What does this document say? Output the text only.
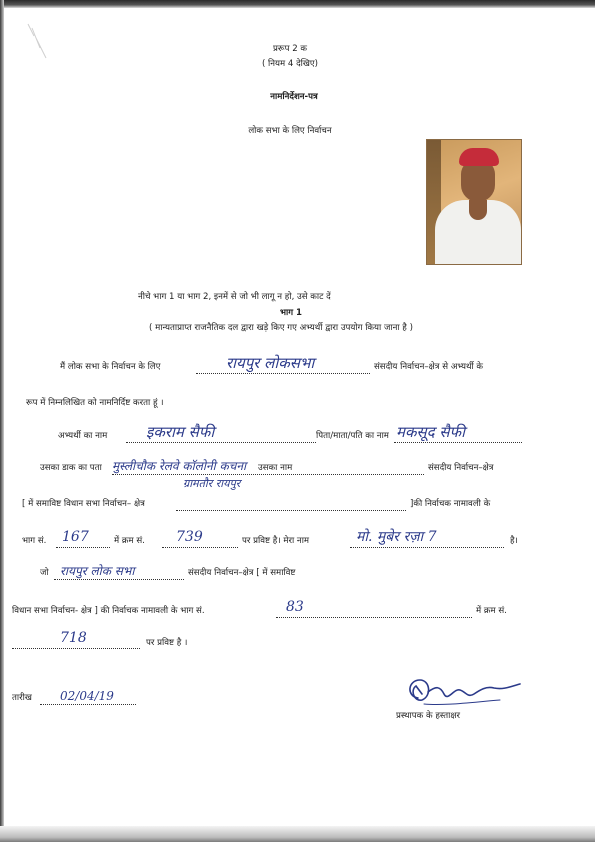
प्ररूप 2 क
( नियम 4 देखिए)
नामनिर्देशन-पत्र
लोक सभा के लिए निर्वाचन
नीचे भाग 1 या भाग 2, इनमें से जो भी लागू न हो, उसे काट दें
भाग 1
( मान्यताप्राप्त राजनैतिक दल द्वारा खड़े किए गए अभ्यर्थी द्वारा उपयोग किया जाना है )
मैं लोक सभा के निर्वाचन के लिए	रायपुर लोकसभा	संसदीय निर्वाचन–क्षेत्र से अभ्यर्थी के
रूप में निम्नलिखित को नामनिर्दिष्ट करता हूं ।
अभ्यर्थी का नाम	इकराम सैफी	पिता/माता/पति का नाम मकसूद सैफी
उसका डाक का पता मुस्लीचौक रेलवे कॉलोनी कचना उसका नाम	संसदीय निर्वाचन–क्षेत्र
ग्रामतौर रायपुर
[ में समाविष्ट विधान सभा निर्वाचन– क्षेत्र	]की निर्वाचक नामावली के
भाग सं. 167	में क्रम सं. 739	पर प्रविष्ट है। मेरा नाम	मो. मुबेर रज़ा 7	है।
जो रायपुर लोक सभा	संसदीय निर्वाचन–क्षेत्र [ में समाविष्ट
विधान सभा निर्वाचन- क्षेत्र ] की निर्वाचक नामावली के भाग सं.	83	में क्रम सं.
718	पर प्रविष्ट है ।
तारीख 02/04/19
प्रस्थापक के हस्ताक्षर
